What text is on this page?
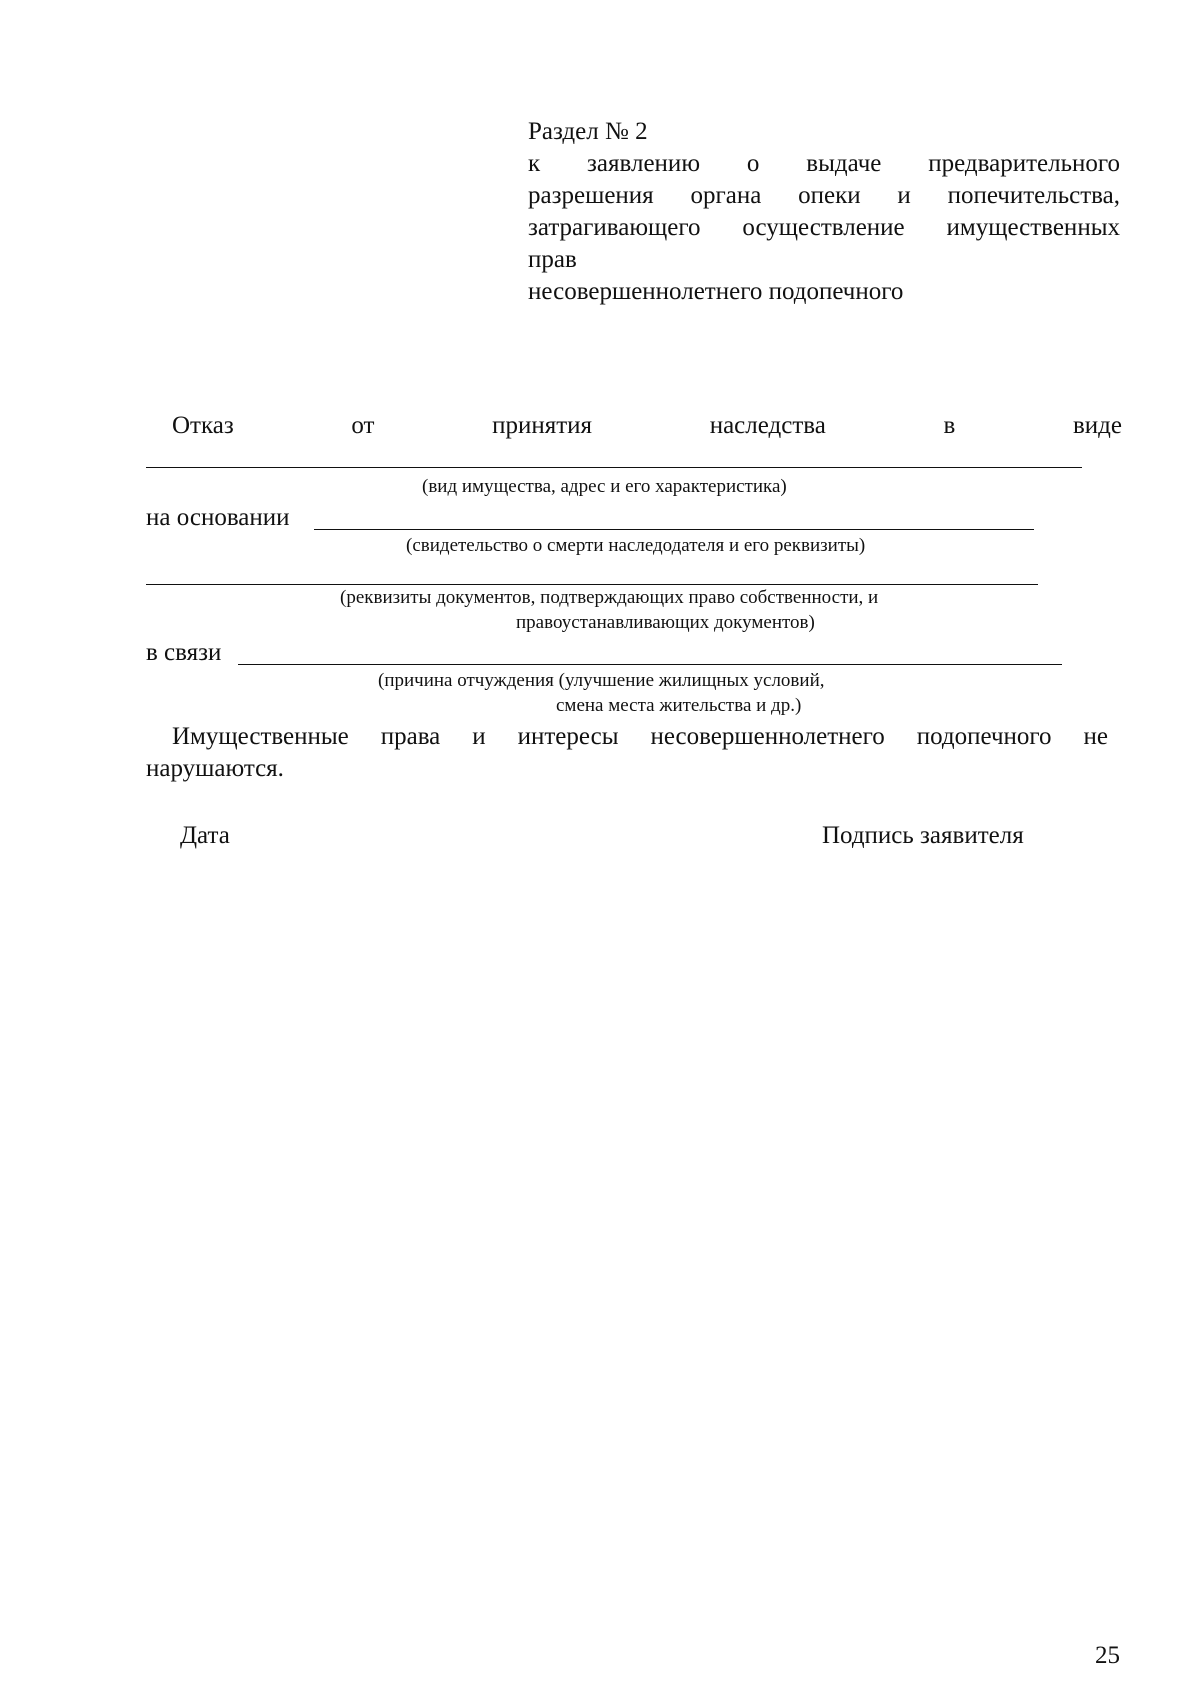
Раздел № 2
к заявлению о выдаче предварительного
разрешения органа опеки и попечительства,
затрагивающего осуществление имущественных
прав
несовершеннолетнего подопечного
Отказ	от	принятия	наследства	в	виде
(вид имущества, адрес и его характеристика)
на основании
(свидетельство о смерти наследодателя и его реквизиты)
(реквизиты документов, подтверждающих право собственности, и
правоустанавливающих документов)
в связи
(причина отчуждения (улучшение жилищных условий,
смена места жительства и др.)
Имущественные права и интересы несовершеннолетнего подопечного не
нарушаются.
Дата	Подпись заявителя
25
